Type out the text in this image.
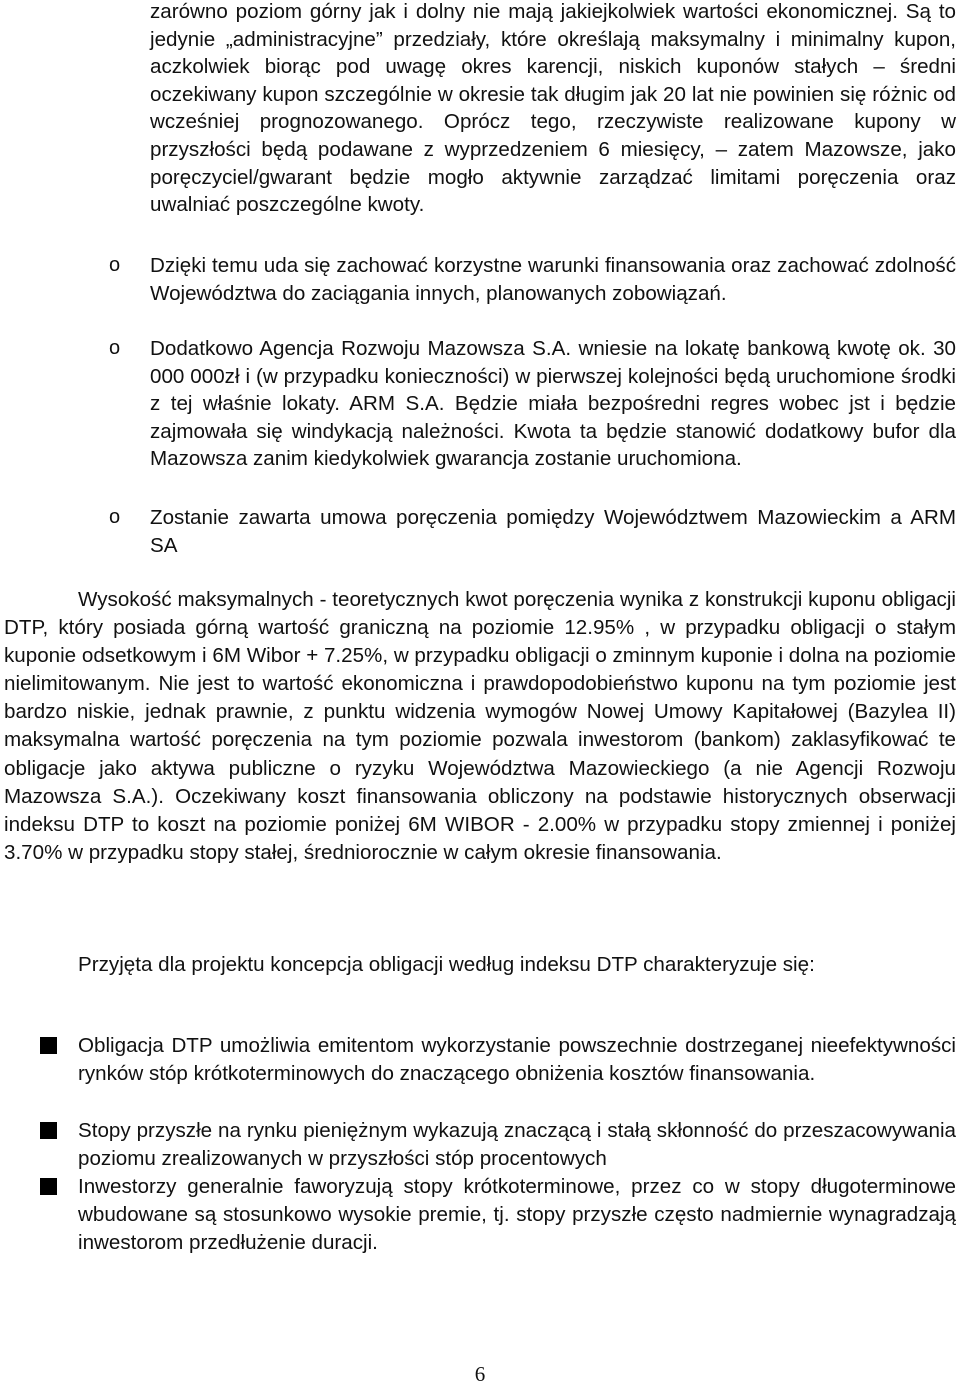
zarówno poziom górny jak i dolny nie mają jakiejkolwiek wartości ekonomicznej. Są to jedynie „administracyjne” przedziały, które określają maksymalny i minimalny kupon, aczkolwiek biorąc pod uwagę okres karencji, niskich kuponów stałych – średni oczekiwany kupon szczególnie w okresie tak długim jak 20 lat nie powinien się różnic od wcześniej prognozowanego. Oprócz tego, rzeczywiste realizowane kupony w przyszłości będą podawane z wyprzedzeniem 6 miesięcy, – zatem Mazowsze, jako poręczyciel/gwarant będzie mogło aktywnie zarządzać limitami poręczenia oraz uwalniać poszczególne kwoty.

o Dzięki temu uda się zachować korzystne warunki finansowania oraz zachować zdolność Województwa do zaciągania innych, planowanych zobowiązań.

o Dodatkowo Agencja Rozwoju Mazowsza S.A. wniesie na lokatę bankową kwotę ok. 30 000 000zł i (w przypadku konieczności) w pierwszej kolejności będą uruchomione środki z tej właśnie lokaty. ARM S.A. Będzie miała bezpośredni regres wobec jst i będzie zajmowała się windykacją należności. Kwota ta będzie stanowić dodatkowy bufor dla Mazowsza zanim kiedykolwiek gwarancja zostanie uruchomiona.

o Zostanie zawarta umowa poręczenia pomiędzy Województwem Mazowieckim a ARM SA

Wysokość maksymalnych - teoretycznych kwot poręczenia wynika z konstrukcji kuponu obligacji DTP, który posiada górną wartość graniczną na poziomie 12.95% , w przypadku obligacji o stałym kuponie odsetkowym i 6M Wibor + 7.25%, w przypadku obligacji o zminnym kuponie i dolna na poziomie nielimitowanym. Nie jest to wartość ekonomiczna i prawdopodobieństwo kuponu na tym poziomie jest bardzo niskie, jednak prawnie, z punktu widzenia wymogów Nowej Umowy Kapitałowej (Bazylea II) maksymalna wartość poręczenia na tym poziomie pozwala inwestorom (bankom) zaklasyfikować te obligacje jako aktywa publiczne o ryzyku Województwa Mazowieckiego (a nie Agencji Rozwoju Mazowsza S.A.). Oczekiwany koszt finansowania obliczony na podstawie historycznych obserwacji indeksu DTP to koszt na poziomie poniżej 6M WIBOR - 2.00% w przypadku stopy zmiennej i poniżej 3.70% w przypadku stopy stałej, średniorocznie w całym okresie finansowania.

Przyjęta dla projektu koncepcja obligacji według indeksu DTP charakteryzuje się:

Obligacja DTP umożliwia emitentom wykorzystanie powszechnie dostrzeganej nieefektywności rynków stóp krótkoterminowych do znaczącego obniżenia kosztów finansowania.

Stopy przyszłe na rynku pieniężnym wykazują znaczącą i stałą skłonność do przeszacowywania poziomu zrealizowanych w przyszłości stóp procentowych

Inwestorzy generalnie faworyzują stopy krótkoterminowe, przez co w stopy długoterminowe wbudowane są stosunkowo wysokie premie, tj. stopy przyszłe często nadmiernie wynagradzają inwestorom przedłużenie duracji.

6
